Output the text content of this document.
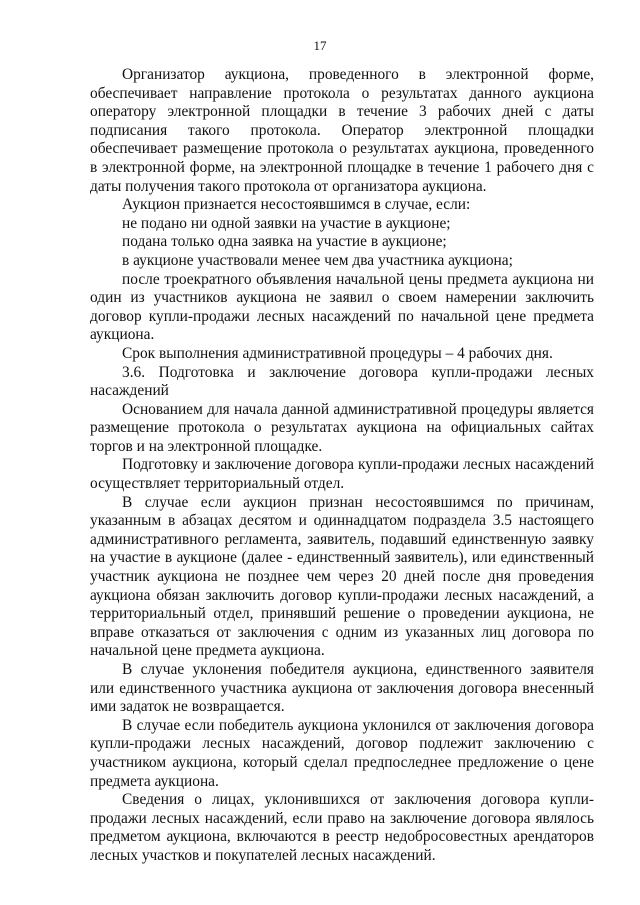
17

Организатор аукциона, проведенного в электронной форме, обеспечивает направление протокола о результатах данного аукциона оператору электронной площадки в течение 3 рабочих дней с даты подписания такого протокола. Оператор электронной площадки обеспечивает размещение протокола о результатах аукциона, проведенного в электронной форме, на электронной площадке в течение 1 рабочего дня с даты получения такого протокола от организатора аукциона.

Аукцион признается несостоявшимся в случае, если:

не подано ни одной заявки на участие в аукционе;

подана только одна заявка на участие в аукционе;

в аукционе участвовали менее чем два участника аукциона;

после троекратного объявления начальной цены предмета аукциона ни один из участников аукциона не заявил о своем намерении заключить договор купли-продажи лесных насаждений по начальной цене предмета аукциона.

Срок выполнения административной процедуры – 4 рабочих дня.

3.6. Подготовка и заключение договора купли-продажи лесных насаждений

Основанием для начала данной административной процедуры является размещение протокола о результатах аукциона на официальных сайтах торгов и на электронной площадке.

Подготовку и заключение договора купли-продажи лесных насаждений осуществляет территориальный отдел.

В случае если аукцион признан несостоявшимся по причинам, указанным в абзацах десятом и одиннадцатом подраздела 3.5 настоящего административного регламента, заявитель, подавший единственную заявку на участие в аукционе (далее - единственный заявитель), или единственный участник аукциона не позднее чем через 20 дней после дня проведения аукциона обязан заключить договор купли-продажи лесных насаждений, а территориальный отдел, принявший решение о проведении аукциона, не вправе отказаться от заключения с одним из указанных лиц договора по начальной цене предмета аукциона.

В случае уклонения победителя аукциона, единственного заявителя или единственного участника аукциона от заключения договора внесенный ими задаток не возвращается.

В случае если победитель аукциона уклонился от заключения договора купли-продажи лесных насаждений, договор подлежит заключению с участником аукциона, который сделал предпоследнее предложение о цене предмета аукциона.

Сведения о лицах, уклонившихся от заключения договора купли-продажи лесных насаждений, если право на заключение договора являлось предметом аукциона, включаются в реестр недобросовестных арендаторов лесных участков и покупателей лесных насаждений.
